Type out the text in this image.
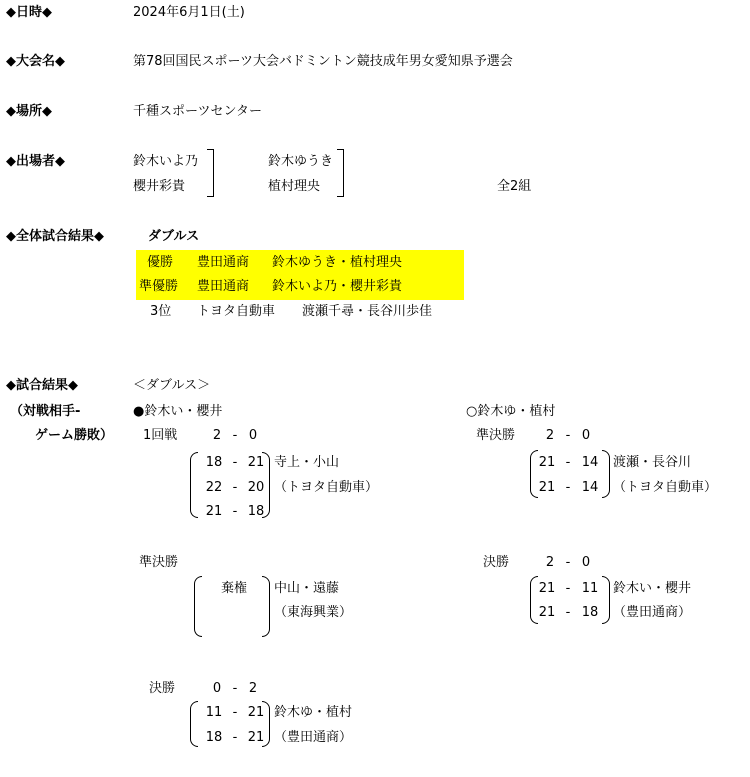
◆日時◆	2024年6月1日(土)
◆大会名◆	第78回国民スポーツ大会バドミントン競技成年男女愛知県予選会
◆場所◆	千種スポーツセンター
◆出場者◆	鈴木いよ乃
櫻井彩貴
鈴木ゆうき
植村理央	全2組
◆全体試合結果◆	ダブルス
優勝 豊田通商 鈴木ゆうき・植村理央
準優勝 豊田通商 鈴木いよ乃・櫻井彩貴
3位 トヨタ自動車 渡瀬千尋・長谷川歩佳
◆試合結果◆
（対戦相手-
ゲーム勝敗）
＜ダブルス＞
●鈴木い・櫻井	○鈴木ゆ・植村
1回戦	2 - 0
18 - 21
22 - 20
21 - 18
寺上・小山
（トヨタ自動車）
準決勝
棄権 中山・遠藤
（東海興業）
決勝	0 - 2
11 - 21
18 - 21
鈴木ゆ・植村
（豊田通商）
準決勝	2 - 0
21 - 14
21 - 14
渡瀬・長谷川
（トヨタ自動車）
決勝	2 - 0
21 - 11
21 - 18
鈴木い・櫻井
（豊田通商）
